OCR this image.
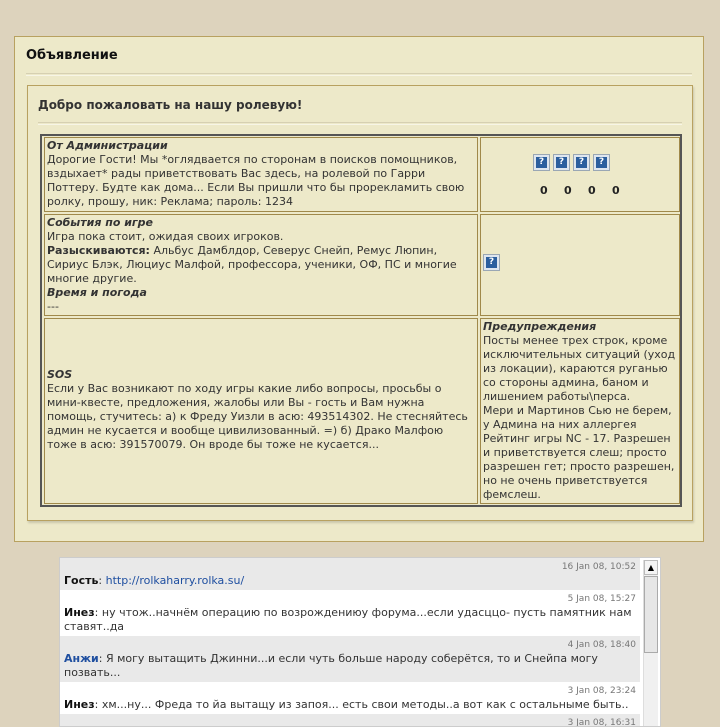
Объявление
Добро пожаловать на нашу ролевую!
От Администрации
Дорогие Гости! Мы *оглядвается по сторонам в поисков помощников, вздыхает* рады приветствовать Вас здесь, на ролевой по Гарри Поттеру. Будте как дома... Если Вы пришли что бы прорекламить свою ролку, прошу, ник: Реклама; пароль: 1234
?	?	?	?
0 0 0 0
События по игре
Игра пока стоит, ожидая своих игроков.
Разыскиваются: Альбус Дамблдор, Северус Снейп, Ремус Люпин, Сириус Блэк, Люциус Малфой, профессора, ученики, ОФ, ПС и многие многие другие.
Время и погода
---
?
SOS
Если у Вас возникают по ходу игры какие либо вопросы, просьбы о мини-квесте, предложения, жалобы или Вы - гость и Вам нужна помощь, стучитесь: а) к Фреду Уизли в асю: 493514302. Не стесняйтесь админ не кусается и вообще цивилизованный. =) б) Драко Малфою тоже в асю: 391570079. Он вроде бы тоже не кусается...
Предупреждения
Посты менее трех строк, кроме исключительных ситуаций (уход из локации), караются руганью со стороны админа, баном и лишением работы\перса.
Мери и Мартинов Сью не берем, у Админа на них аллергея Рейтинг игры NC - 17. Разрешен и приветствуется слеш; просто разрешен гет; просто разрешен, но не очень приветствуется фемслеш.
16 Jan 08, 10:52
Гость: http://rolkaharry.rolka.su/
5 Jan 08, 15:27
Инез: ну чтож..начнём операцию по возрождениюу форума...если удасццо- пусть памятник нам ставят..да
4 Jan 08, 18:40
Анжи: Я могу вытащить Джинни...и если чуть больше народу соберётся, то и Снейпа могу позвать...
3 Jan 08, 23:24
Инез: хм...ну... Фреда то йа вытащу из запоя... есть свои методы..а вот как с остальныме быть..
3 Jan 08, 16:31
▲
